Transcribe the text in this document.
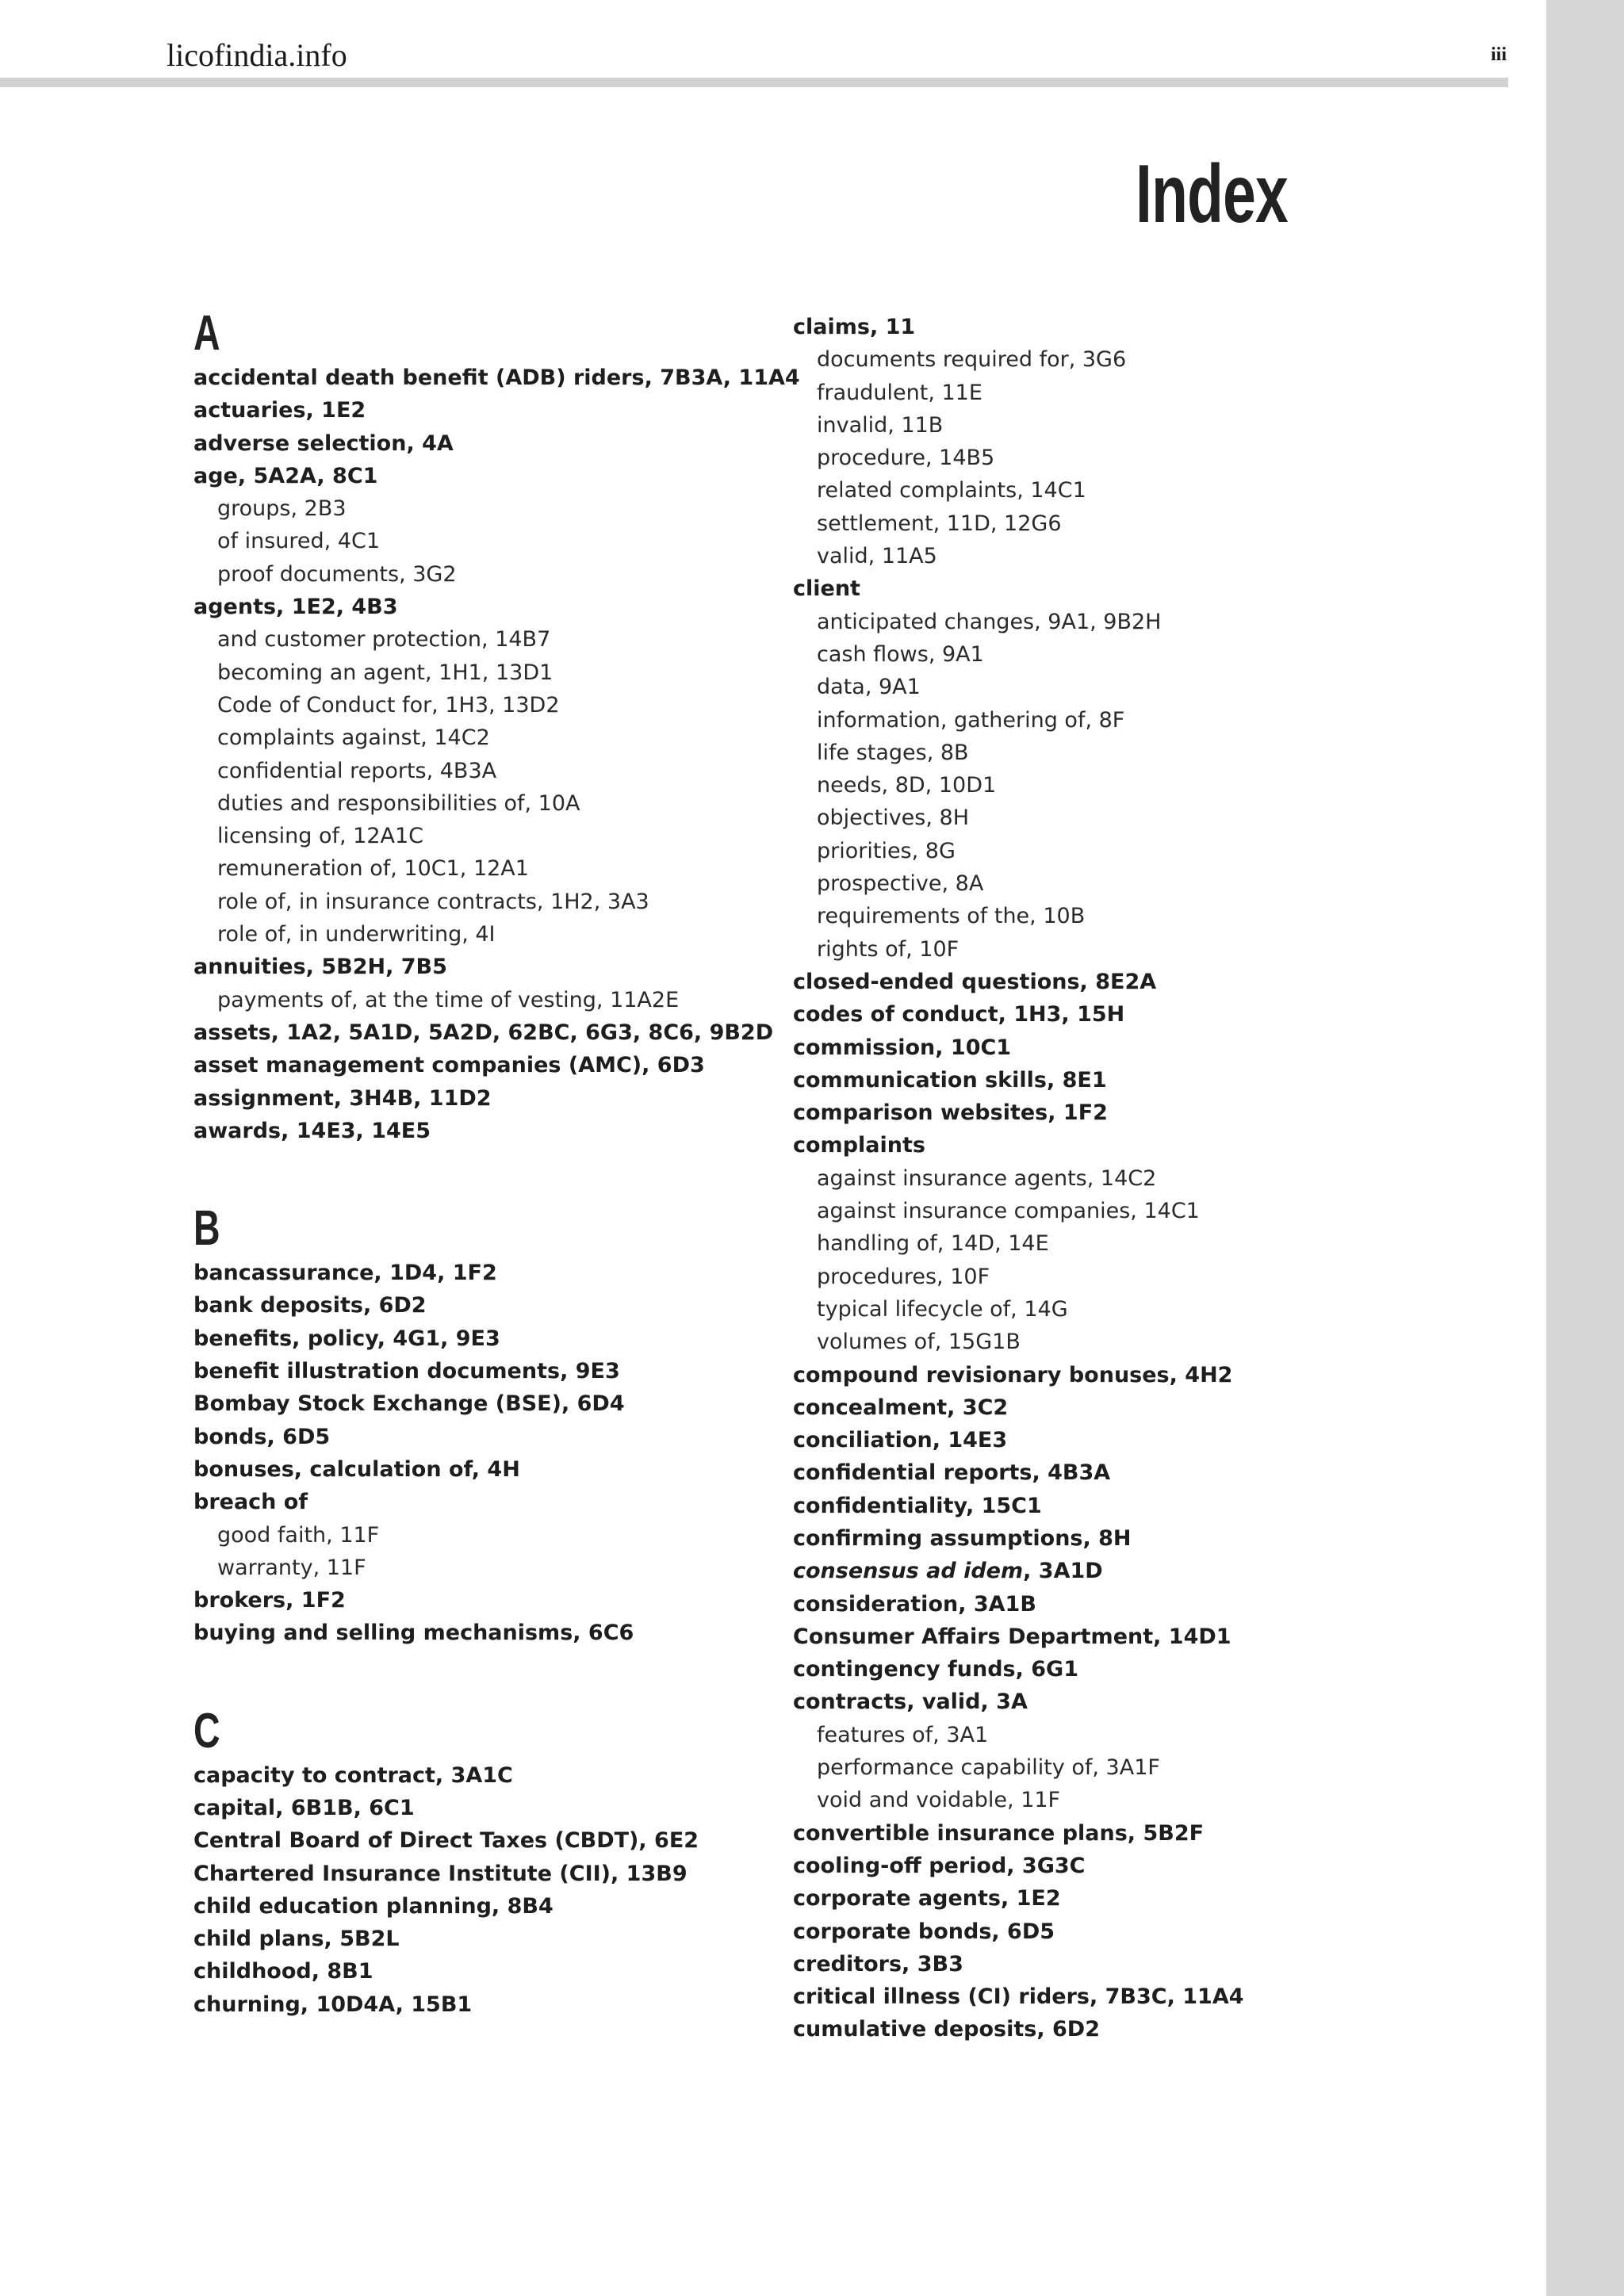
licofindia.info	iii
Index
A
accidental death benefit (ADB) riders, 7B3A, 11A4
actuaries, 1E2
adverse selection, 4A
age, 5A2A, 8C1
groups, 2B3
of insured, 4C1
proof documents, 3G2
agents, 1E2, 4B3
and customer protection, 14B7
becoming an agent, 1H1, 13D1
Code of Conduct for, 1H3, 13D2
complaints against, 14C2
confidential reports, 4B3A
duties and responsibilities of, 10A
licensing of, 12A1C
remuneration of, 10C1, 12A1
role of, in insurance contracts, 1H2, 3A3
role of, in underwriting, 4I
annuities, 5B2H, 7B5
payments of, at the time of vesting, 11A2E
assets, 1A2, 5A1D, 5A2D, 62BC, 6G3, 8C6, 9B2D
asset management companies (AMC), 6D3
assignment, 3H4B, 11D2
awards, 14E3, 14E5
B
bancassurance, 1D4, 1F2
bank deposits, 6D2
benefits, policy, 4G1, 9E3
benefit illustration documents, 9E3
Bombay Stock Exchange (BSE), 6D4
bonds, 6D5
bonuses, calculation of, 4H
breach of
good faith, 11F
warranty, 11F
brokers, 1F2
buying and selling mechanisms, 6C6
C
capacity to contract, 3A1C
capital, 6B1B, 6C1
Central Board of Direct Taxes (CBDT), 6E2
Chartered Insurance Institute (CII), 13B9
child education planning, 8B4
child plans, 5B2L
childhood, 8B1
churning, 10D4A, 15B1
claims, 11
documents required for, 3G6
fraudulent, 11E
invalid, 11B
procedure, 14B5
related complaints, 14C1
settlement, 11D, 12G6
valid, 11A5
client
anticipated changes, 9A1, 9B2H
cash flows, 9A1
data, 9A1
information, gathering of, 8F
life stages, 8B
needs, 8D, 10D1
objectives, 8H
priorities, 8G
prospective, 8A
requirements of the, 10B
rights of, 10F
closed-ended questions, 8E2A
codes of conduct, 1H3, 15H
commission, 10C1
communication skills, 8E1
comparison websites, 1F2
complaints
against insurance agents, 14C2
against insurance companies, 14C1
handling of, 14D, 14E
procedures, 10F
typical lifecycle of, 14G
volumes of, 15G1B
compound revisionary bonuses, 4H2
concealment, 3C2
conciliation, 14E3
confidential reports, 4B3A
confidentiality, 15C1
confirming assumptions, 8H
consensus ad idem, 3A1D
consideration, 3A1B
Consumer Affairs Department, 14D1
contingency funds, 6G1
contracts, valid, 3A
features of, 3A1
performance capability of, 3A1F
void and voidable, 11F
convertible insurance plans, 5B2F
cooling-off period, 3G3C
corporate agents, 1E2
corporate bonds, 6D5
creditors, 3B3
critical illness (CI) riders, 7B3C, 11A4
cumulative deposits, 6D2
